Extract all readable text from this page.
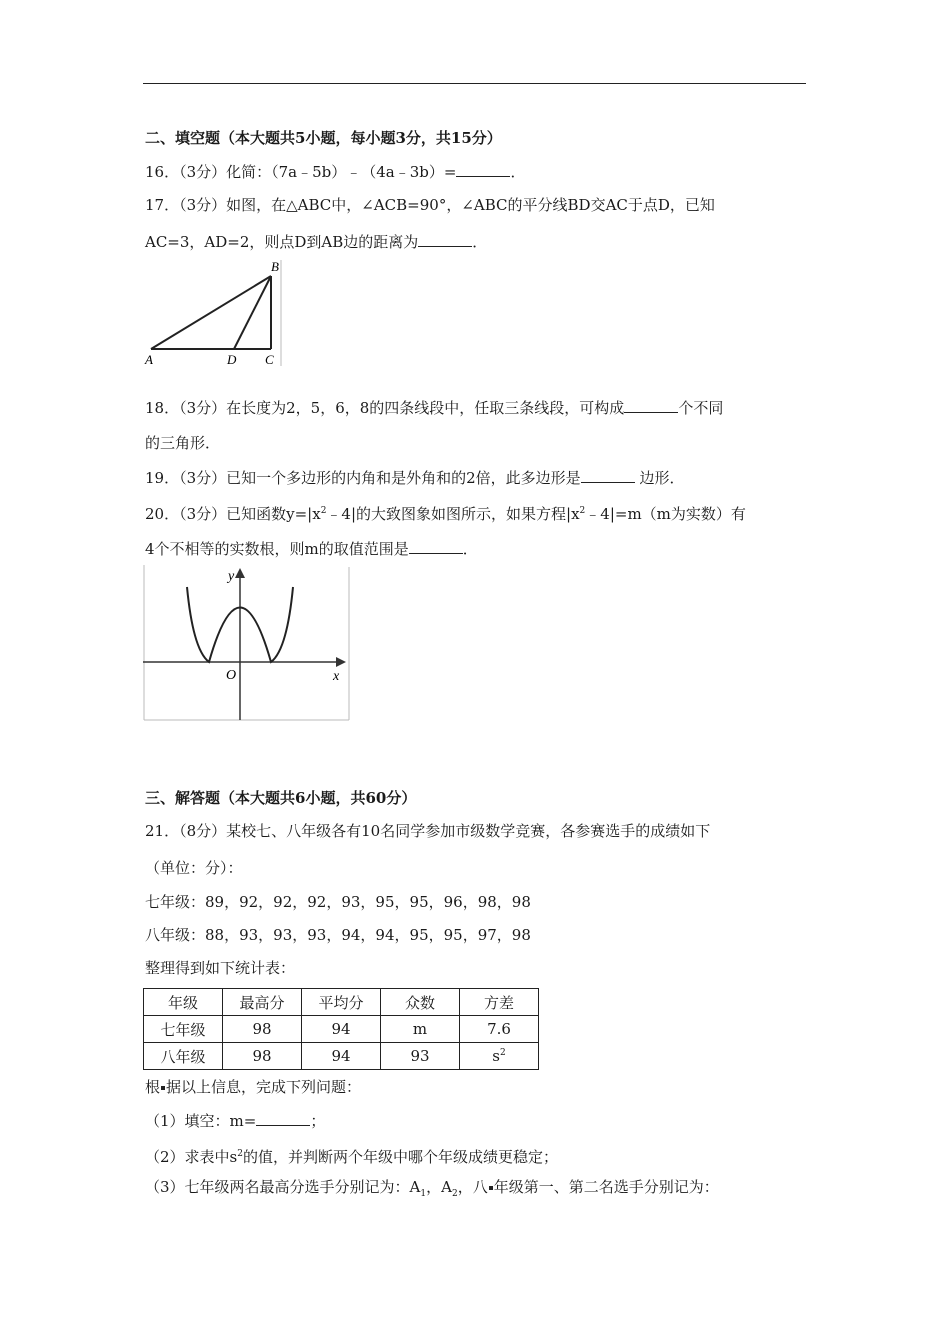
二、填空题（本大题共5小题，每小题3分，共15分）
16．（3分）化简：（7a﹣5b）﹣（4a﹣3b）=	．
17．（3分）如图，在△ABC中，∠ACB=90°，∠ABC的平分线BD交AC于点D，已知
AC=3，AD=2，则点D到AB边的距离为	．
B
A	D C
18．（3分）在长度为2，5，6，8的四条线段中，任取三条线段，可构成	个不同
的三角形．
19．（3分）已知一个多边形的内角和是外角和的2倍，此多边形是	边形．
20．（3分）已知函数$y=|x^2﹣4|$的大致图象如图所示，如果方程$|x^2﹣4|=m(m$为实数）有
4个不相等的实数根，则m的取值范围是	．
y
x
O
三、解答题（本大题共6小题，共60分）
21．（8分）某校七、八年级各有10名同学参加市级数学竞赛，各参赛选手的成绩如下
（单位：分）：
七年级：89，92，92，92，93，95，95，96，98，98
八年级：88，93，93，93，94，94，95，95，97，98
整理得到如下统计表：
年级	最高分	平均分	众数	方差
七年级	98	94	m	7.6
八年级	98	94	93	$s^2$
根 据以上信息，完成下列问题：
（1）填空：m=	；
（2）求表中$s^2$的值，并判断两个年级中哪个年级成绩更稳定；
（3）七年级两名最高分选手分别记为：$A_1$，$A_2$，八 年级第一、第二名选手分别记为：
